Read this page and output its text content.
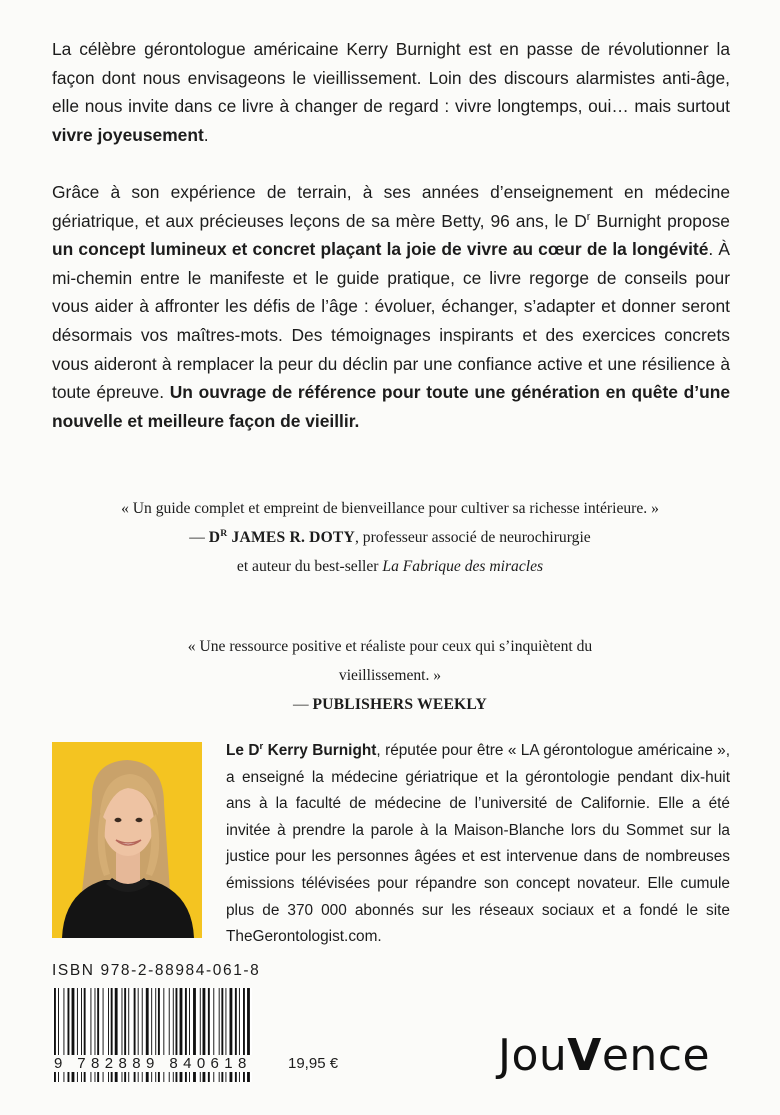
La célèbre gérontologue américaine Kerry Burnight est en passe de révolutionner la façon dont nous envisageons le vieillissement. Loin des discours alarmistes anti-âge, elle nous invite dans ce livre à changer de regard : vivre longtemps, oui… mais surtout vivre joyeusement.

Grâce à son expérience de terrain, à ses années d’enseignement en médecine gériatrique, et aux précieuses leçons de sa mère Betty, 96 ans, le $D^r$ Burnight propose un concept lumineux et concret plaçant la joie de vivre au cœur de la longévité. À mi-chemin entre le manifeste et le guide pratique, ce livre regorge de conseils pour vous aider à affronter les défis de l’âge : évoluer, échanger, s’adapter et donner seront désormais vos maîtres-mots. Des témoignages inspirants et des exercices concrets vous aideront à remplacer la peur du déclin par une confiance active et une résilience à toute épreuve. Un ouvrage de référence pour toute une génération en quête d’une nouvelle et meilleure façon de vieillir.

« Un guide complet et empreint de bienveillance pour cultiver sa richesse intérieure. »
— $D^R$ JAMES R. DOTY, professeur associé de neurochirurgie
et auteur du best-seller La Fabrique des miracles
« Une ressource positive et réaliste pour ceux qui s’inquiètent du vieillissement. »
— PUBLISHERS WEEKLY

Le $D^r$ Kerry Burnight, réputée pour être « LA gérontologue américaine », a enseigné la médecine gériatrique et la gérontologie pendant dix-huit ans à la faculté de médecine de l’université de Californie. Elle a été invitée à prendre la parole à la Maison-Blanche lors du Sommet sur la justice pour les personnes âgées et est intervenue dans de nombreuses émissions télévisées pour répandre son concept novateur. Elle cumule plus de 370 000 abonnés sur les réseaux sociaux et a fondé le site TheGerontologist.com.

ISBN 978-2-88984-061-8
9 782889 840618 19,95 €	JouVence
